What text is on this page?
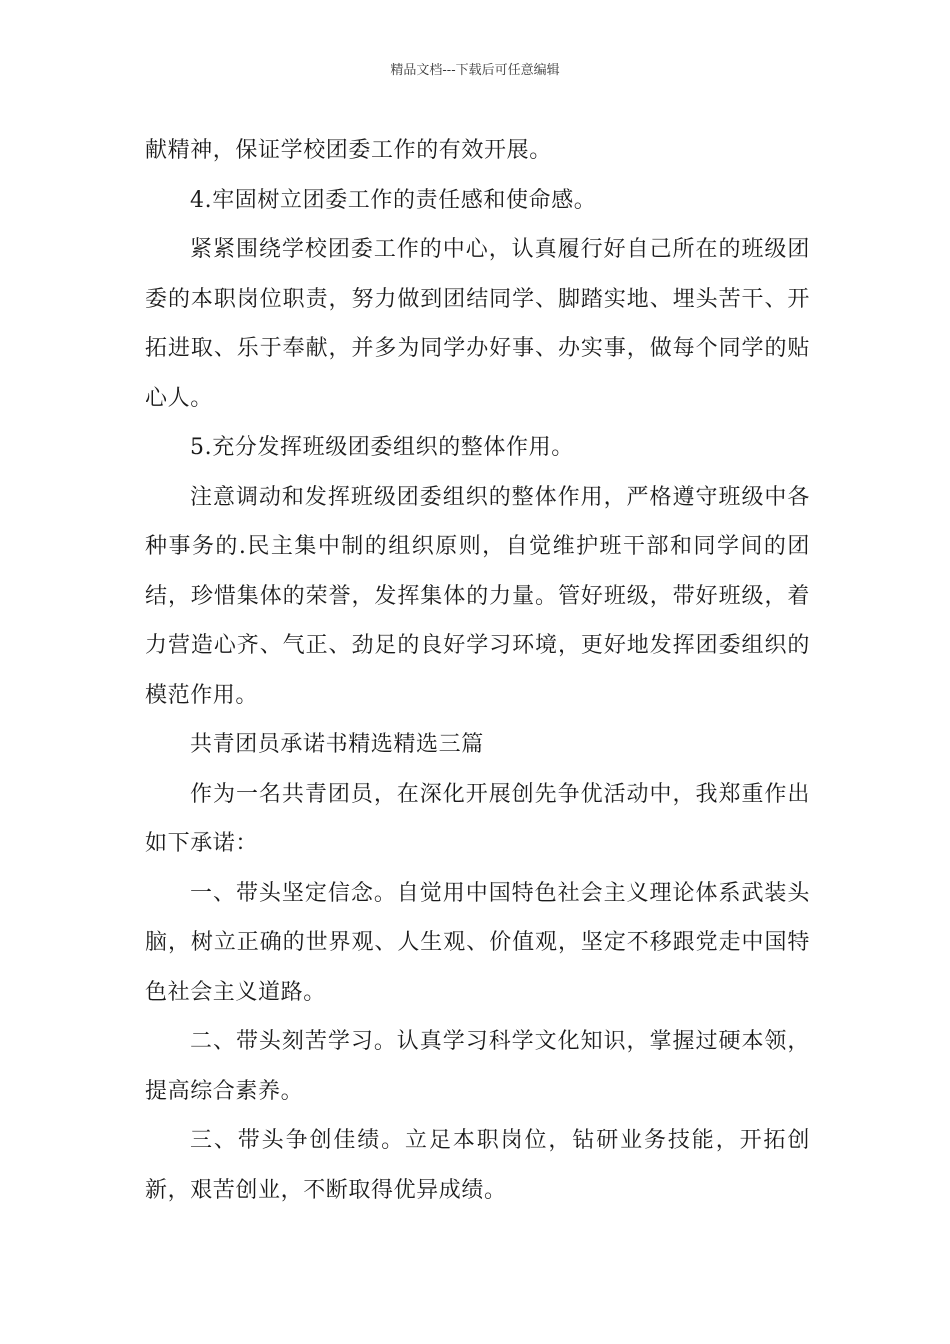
精品文档---下载后可任意编辑

献精神，保证学校团委工作的有效开展。

4.牢固树立团委工作的责任感和使命感。

紧紧围绕学校团委工作的中心，认真履行好自己所在的班级团委的本职岗位职责，努力做到团结同学、脚踏实地、埋头苦干、开拓进取、乐于奉献，并多为同学办好事、办实事，做每个同学的贴心人。

5.充分发挥班级团委组织的整体作用。

注意调动和发挥班级团委组织的整体作用，严格遵守班级中各种事务的.民主集中制的组织原则，自觉维护班干部和同学间的团结，珍惜集体的荣誉，发挥集体的力量。管好班级，带好班级，着力营造心齐、气正、劲足的良好学习环境，更好地发挥团委组织的模范作用。

共青团员承诺书精选精选三篇

作为一名共青团员，在深化开展创先争优活动中，我郑重作出如下承诺：

一、带头坚定信念。自觉用中国特色社会主义理论体系武装头脑，树立正确的世界观、人生观、价值观，坚定不移跟党走中国特色社会主义道路。

二、带头刻苦学习。认真学习科学文化知识，掌握过硬本领，提高综合素养。

三、带头争创佳绩。立足本职岗位，钻研业务技能，开拓创新，艰苦创业，不断取得优异成绩。
